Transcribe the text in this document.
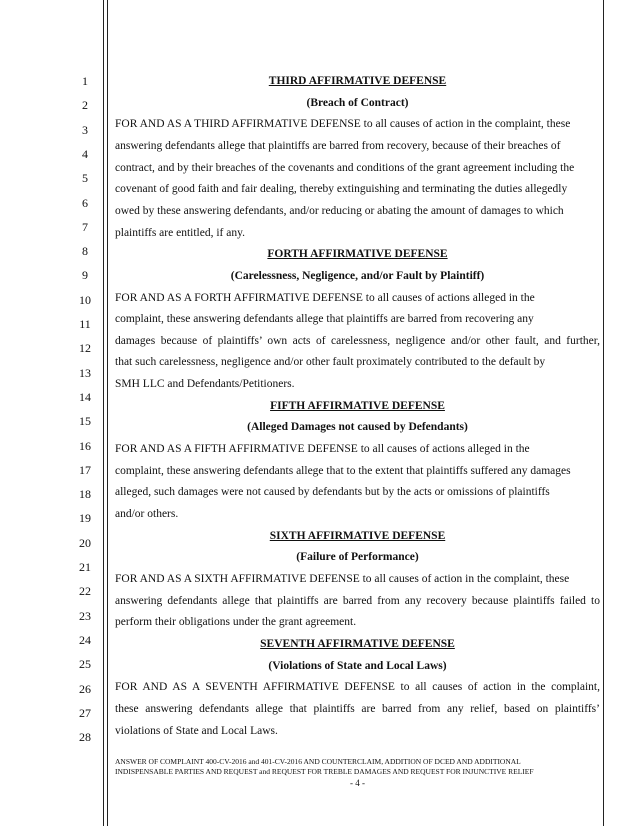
1
2
3
4
5
6
7
8
9
10
11
12
13
14
15
16
17
18
19
20
21
22
23
24
25
26
27
28
THIRD AFFIRMATIVE DEFENSE
(Breach of Contract)
FOR AND AS A THIRD AFFIRMATIVE DEFENSE to all causes of action in the complaint, these
answering defendants allege that plaintiffs are barred from recovery, because of their breaches of
contract, and by their breaches of the covenants and conditions of the grant agreement including the
covenant of good faith and fair dealing, thereby extinguishing and terminating the duties allegedly
owed by these answering defendants, and/or reducing or abating the amount of damages to which
plaintiffs are entitled, if any.
FORTH AFFIRMATIVE DEFENSE
(Carelessness, Negligence, and/or Fault by Plaintiff)
FOR AND AS A FORTH AFFIRMATIVE DEFENSE to all causes of actions alleged in the
complaint, these answering defendants allege that plaintiffs are barred from recovering any
damages because of plaintiffs’ own acts of carelessness, negligence and/or other fault, and further,
that such carelessness, negligence and/or other fault proximately contributed to the default by
SMH LLC and Defendants/Petitioners.
FIFTH AFFIRMATIVE DEFENSE
(Alleged Damages not caused by Defendants)
FOR AND AS A FIFTH AFFIRMATIVE DEFENSE to all causes of actions alleged in the
complaint, these answering defendants allege that to the extent that plaintiffs suffered any damages
alleged, such damages were not caused by defendants but by the acts or omissions of plaintiffs
and/or others.
SIXTH AFFIRMATIVE DEFENSE
(Failure of Performance)
FOR AND AS A SIXTH AFFIRMATIVE DEFENSE to all causes of action in the complaint, these
answering defendants allege that plaintiffs are barred from any recovery because plaintiffs failed to
perform their obligations under the grant agreement.
SEVENTH AFFIRMATIVE DEFENSE
(Violations of State and Local Laws)
FOR AND AS A SEVENTH AFFIRMATIVE DEFENSE to all causes of action in the complaint,
these answering defendants allege that plaintiffs are barred from any relief, based on plaintiffs’
violations of State and Local Laws.
ANSWER OF COMPLAINT 400-CV-2016 and 401-CV-2016 AND COUNTERCLAIM, ADDITION OF DCED AND ADDITIONAL
INDISPENSABLE PARTIES AND REQUEST and REQUEST FOR TREBLE DAMAGES AND REQUEST FOR INJUNCTIVE RELIEF
- 4 -
